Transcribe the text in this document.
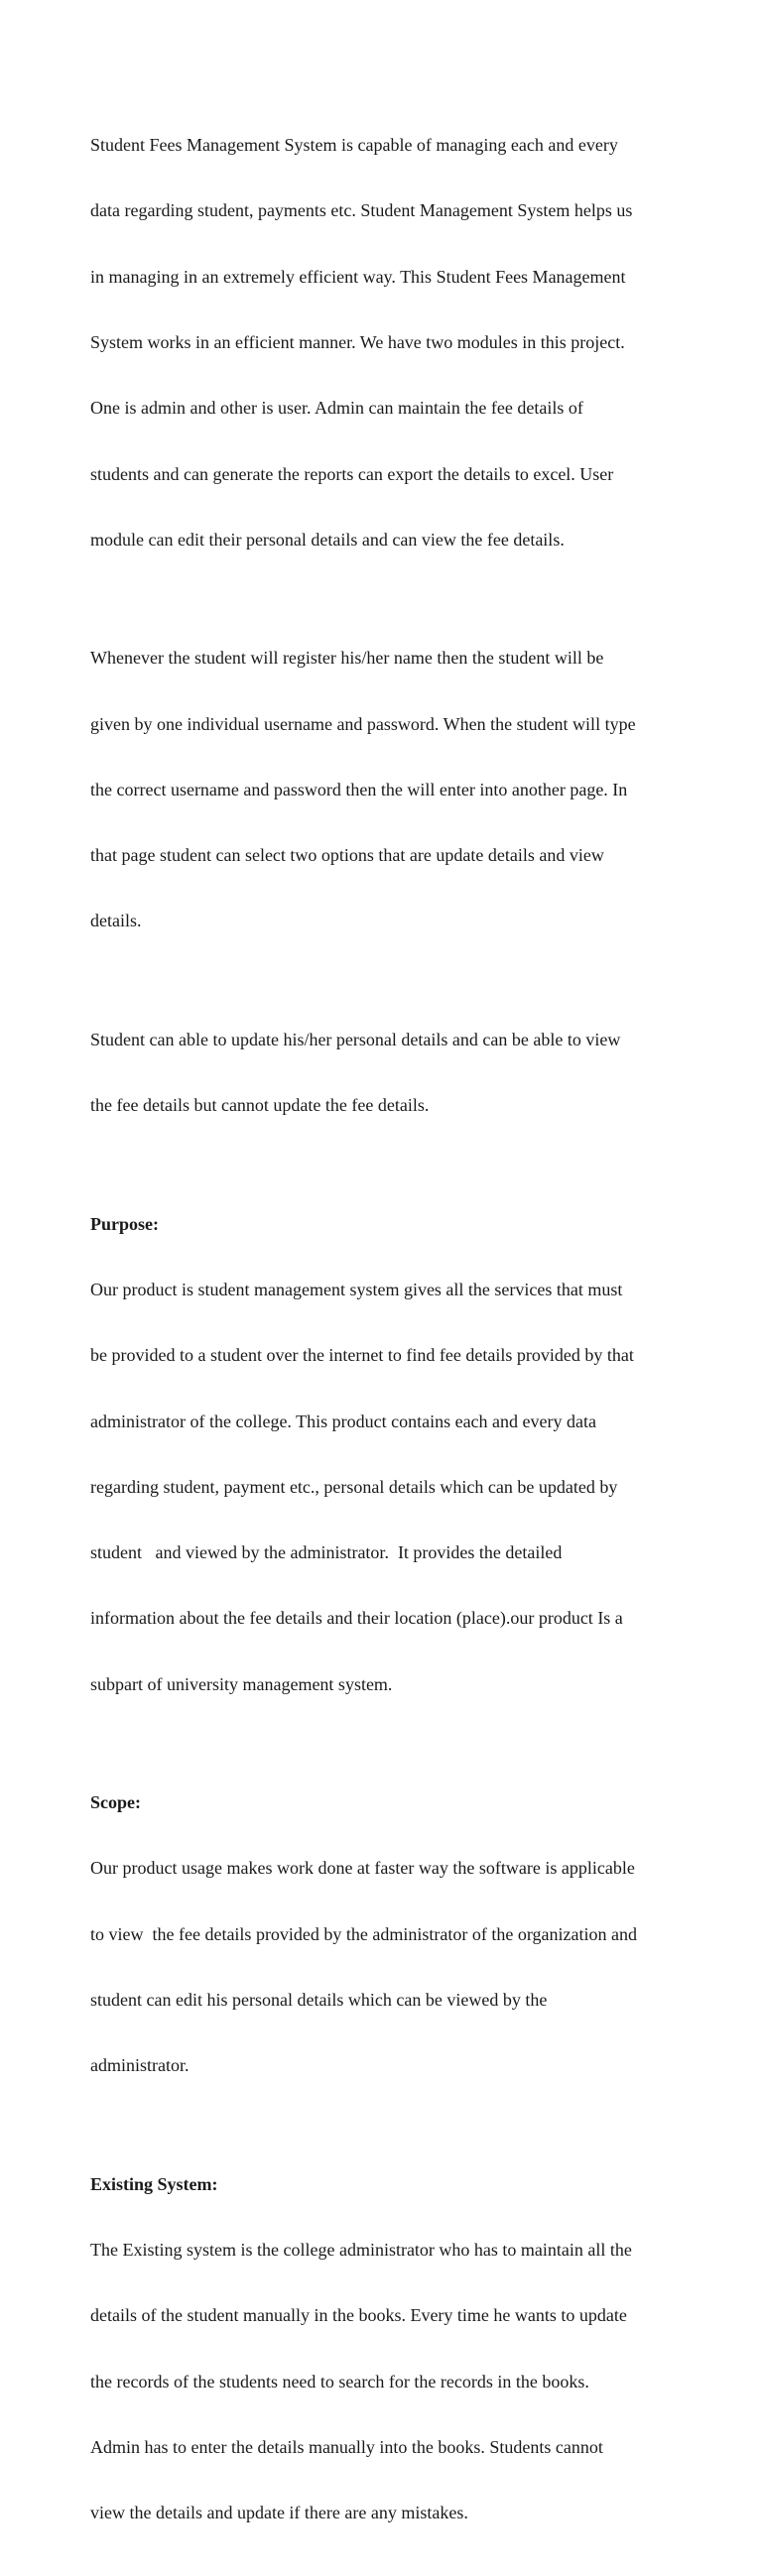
Student Fees Management System is capable of managing each and every

data regarding student, payments etc. Student Management System helps us

in managing in an extremely efficient way. This Student Fees Management

System works in an efficient manner. We have two modules in this project.

One is admin and other is user. Admin can maintain the fee details of

students and can generate the reports can export the details to excel. User

module can edit their personal details and can view the fee details.

Whenever the student will register his/her name then the student will be

given by one individual username and password. When the student will type

the correct username and password then the will enter into another page. In

that page student can select two options that are update details and view

details.

Student can able to update his/her personal details and can be able to view

the fee details but cannot update the fee details.

Purpose:

Our product is student management system gives all the services that must

be provided to a student over the internet to find fee details provided by that

administrator of the college. This product contains each and every data

regarding student, payment etc., personal details which can be updated by

student   and viewed by the administrator.  It provides the detailed

information about the fee details and their location (place).our product Is a

subpart of university management system.

Scope:

Our product usage makes work done at faster way the software is applicable

to view  the fee details provided by the administrator of the organization and

student can edit his personal details which can be viewed by the

administrator.

Existing System:

The Existing system is the college administrator who has to maintain all the

details of the student manually in the books. Every time he wants to update

the records of the students need to search for the records in the books.

Admin has to enter the details manually into the books. Students cannot

view the details and update if there are any mistakes.
